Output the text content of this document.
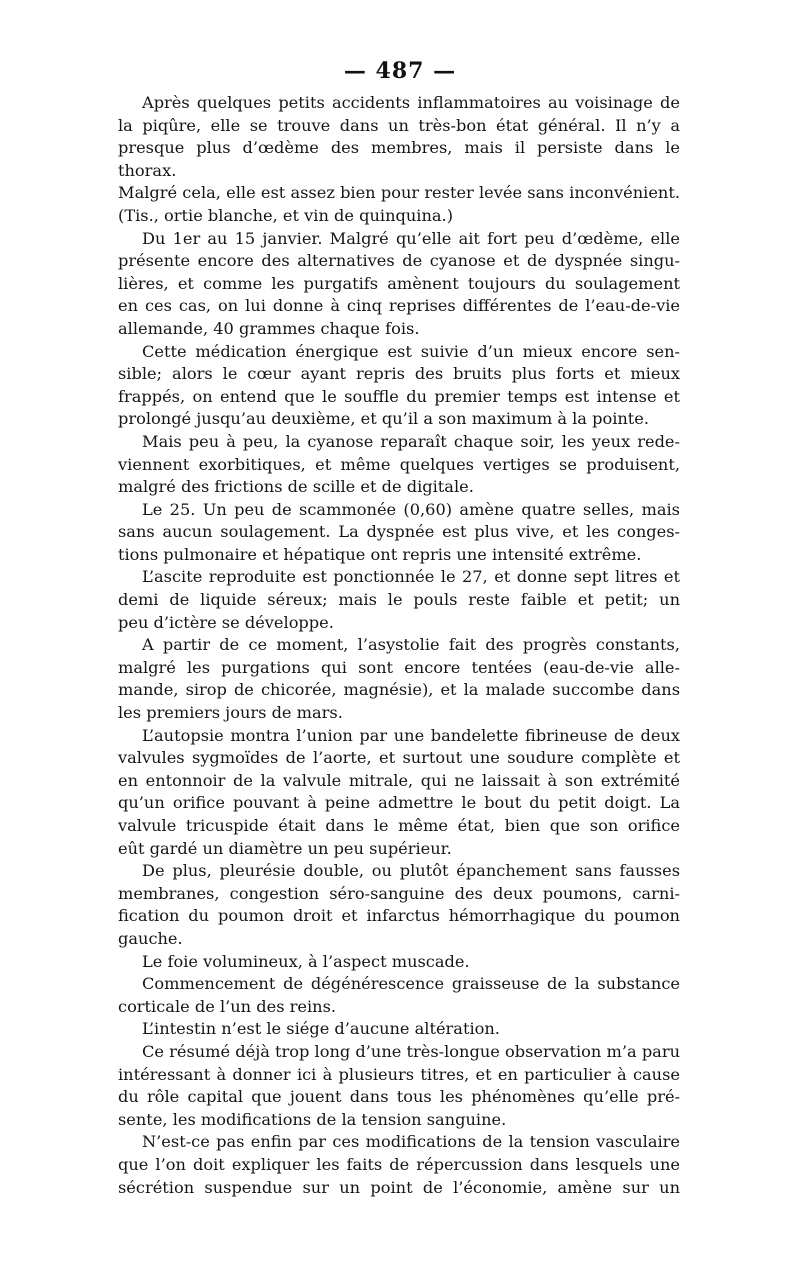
— 487 —

Après quelques petits accidents inflammatoires au voisinage de

la piqûre, elle se trouve dans un très-bon état général. Il n’y a

presque plus d’œdème des membres, mais il persiste dans le thorax.

Malgré cela, elle est assez bien pour rester levée sans inconvénient.

(Tis., ortie blanche, et vin de quinquina.)

Du 1er au 15 janvier. Malgré qu’elle ait fort peu d’œdème, elle

présente encore des alternatives de cyanose et de dyspnée singu-

lières, et comme les purgatifs amènent toujours du soulagement

en ces cas, on lui donne à cinq reprises différentes de l’eau-de-vie

allemande, 40 grammes chaque fois.

Cette médication énergique est suivie d’un mieux encore sen-

sible; alors le cœur ayant repris des bruits plus forts et mieux

frappés, on entend que le souffle du premier temps est intense et

prolongé jusqu’au deuxième, et qu’il a son maximum à la pointe.

Mais peu à peu, la cyanose reparaît chaque soir, les yeux rede-

viennent exorbitiques, et même quelques vertiges se produisent,

malgré des frictions de scille et de digitale.

Le 25. Un peu de scammonée (0,60) amène quatre selles, mais

sans aucun soulagement. La dyspnée est plus vive, et les conges-

tions pulmonaire et hépatique ont repris une intensité extrême.

L’ascite reproduite est ponctionnée le 27, et donne sept litres et

demi de liquide séreux; mais le pouls reste faible et petit; un

peu d’ictère se développe.

A partir de ce moment, l’asystolie fait des progrès constants,

malgré les purgations qui sont encore tentées (eau-de-vie alle-

mande, sirop de chicorée, magnésie), et la malade succombe dans

les premiers jours de mars.

L’autopsie montra l’union par une bandelette fibrineuse de deux

valvules sygmoïdes de l’aorte, et surtout une soudure complète et

en entonnoir de la valvule mitrale, qui ne laissait à son extrémité

qu’un orifice pouvant à peine admettre le bout du petit doigt. La

valvule tricuspide était dans le même état, bien que son orifice

eût gardé un diamètre un peu supérieur.

De plus, pleurésie double, ou plutôt épanchement sans fausses

membranes, congestion séro-sanguine des deux poumons, carni-

fication du poumon droit et infarctus hémorrhagique du poumon

gauche.

Le foie volumineux, à l’aspect muscade.

Commencement de dégénérescence graisseuse de la substance

corticale de l’un des reins.

L’intestin n’est le siége d’aucune altération.

Ce résumé déjà trop long d’une très-longue observation m’a paru

intéressant à donner ici à plusieurs titres, et en particulier à cause

du rôle capital que jouent dans tous les phénomènes qu’elle pré-

sente, les modifications de la tension sanguine.

N’est-ce pas enfin par ces modifications de la tension vasculaire

que l’on doit expliquer les faits de répercussion dans lesquels une

sécrétion suspendue sur un point de l’économie, amène sur un
